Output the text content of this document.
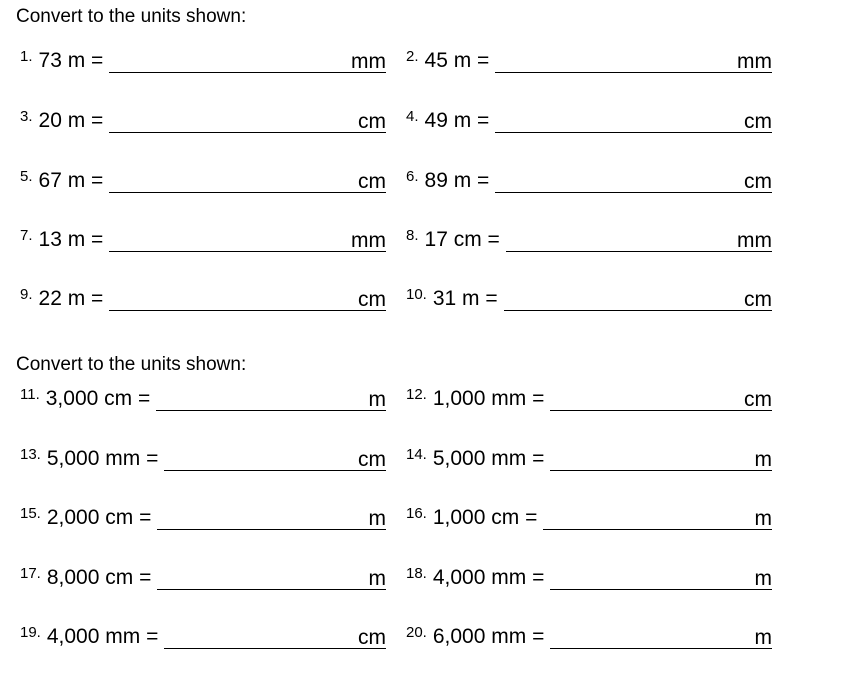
Convert to the units shown:
1. 73 m =	mm 2. 45 m =	mm
3. 20 m =	cm 4. 49 m =	cm
5. 67 m =	cm 6. 89 m =	cm
7. 13 m =	mm 8. 17 cm =	mm
9. 22 m =	cm 10. 31 m =	cm
Convert to the units shown:
11. 3,000 cm =	m 12. 1,000 mm =	cm
13. 5,000 mm =	cm 14. 5,000 mm =	m
15. 2,000 cm =	m 16. 1,000 cm =	m
17. 8,000 cm =	m 18. 4,000 mm =	m
19. 4,000 mm =	cm 20. 6,000 mm =	m
